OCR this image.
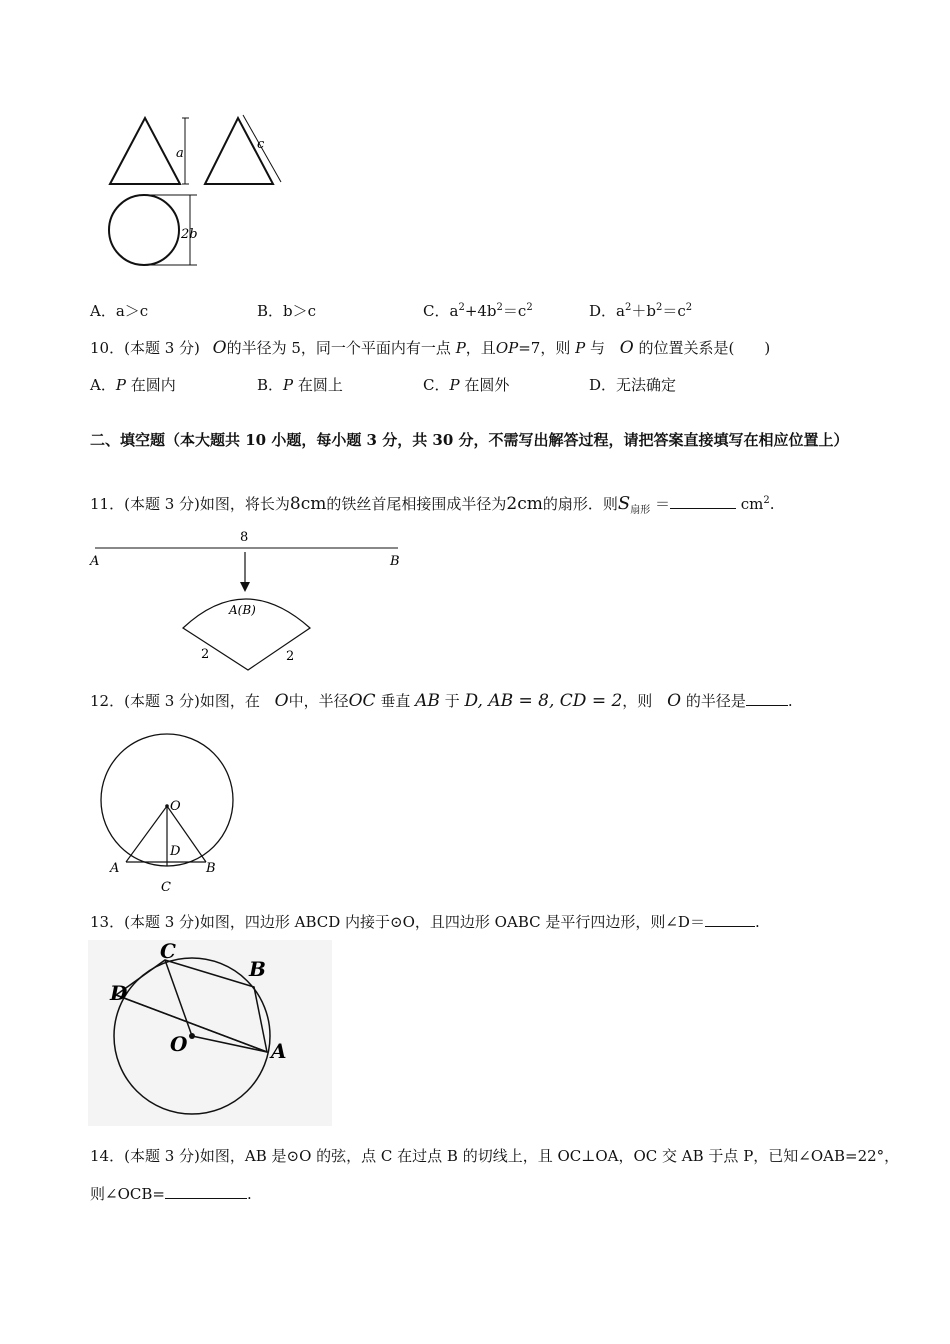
a
c
2b
A．a＞c	B．b＞c	C．$a^2+4b^2=c^2$	D．$a^2+b^2=c^2$
10．(本题 3 分) O的半径为 5，同一个平面内有一点 P，且OP=7，则 P 与 O 的位置关系是(　　)
A．P 在圆内	B．P 在圆上	C．P 在圆外	D．无法确定
二、填空题（本大题共 10 小题，每小题 3 分，共 30 分，不需写出解答过程，请把答案直接填写在相应位置上）
11．(本题 3 分)如图，将长为8cm的铁丝首尾相接围成半径为2cm的扇形．则$S_{扇形}$ ＝	$cm^2$.
8
A	B
A(B)
2	2
12．(本题 3 分)如图，在 O中，半径OC 垂直 AB 于 D, AB = 8, CD = 2，则 O 的半径是	.
O
D
A	B
C
13．(本题 3 分)如图，四边形 ABCD 内接于⊙O，且四边形 OABC 是平行四边形，则∠D＝	.
O	A
B
C
D
14．(本题 3 分)如图，AB 是⊙O 的弦，点 C 在过点 B 的切线上，且 OC⊥OA，OC 交 AB 于点 P，已知∠OAB=22°，
则∠OCB=	.
